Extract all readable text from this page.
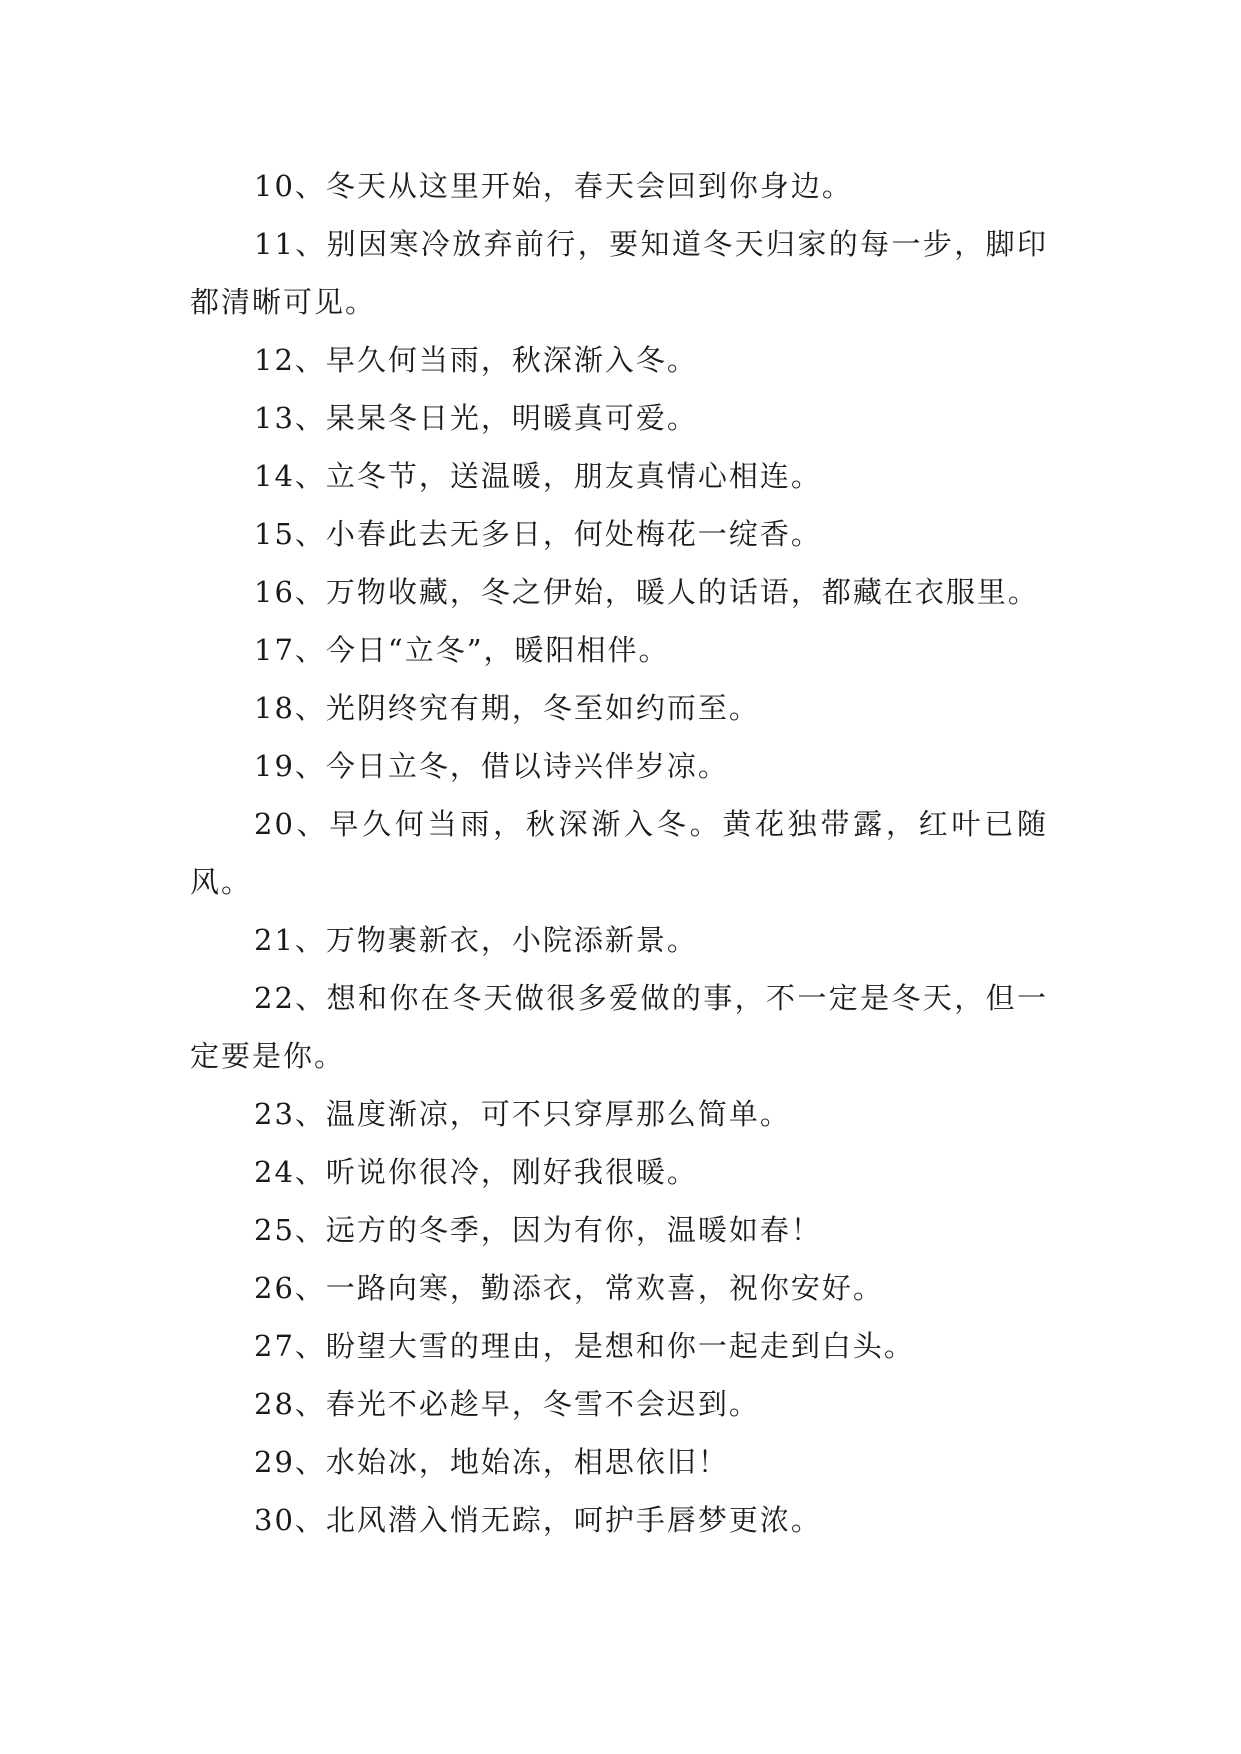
10、冬天从这里开始，春天会回到你身边。

11、别因寒冷放弃前行，要知道冬天归家的每一步，脚印都清晰可见。

12、早久何当雨，秋深渐入冬。

13、杲杲冬日光，明暖真可爱。

14、立冬节，送温暖，朋友真情心相连。

15、小春此去无多日，何处梅花一绽香。

16、万物收藏，冬之伊始，暖人的话语，都藏在衣服里。

17、今日“立冬”，暖阳相伴。

18、光阴终究有期，冬至如约而至。

19、今日立冬，借以诗兴伴岁凉。

20、早久何当雨，秋深渐入冬。黄花独带露，红叶已随风。

21、万物裹新衣，小院添新景。

22、想和你在冬天做很多爱做的事，不一定是冬天，但一定要是你。

23、温度渐凉，可不只穿厚那么简单。

24、听说你很冷，刚好我很暖。

25、远方的冬季，因为有你，温暖如春！

26、一路向寒，勤添衣，常欢喜，祝你安好。

27、盼望大雪的理由，是想和你一起走到白头。

28、春光不必趁早，冬雪不会迟到。

29、水始冰，地始冻，相思依旧！

30、北风潜入悄无踪，呵护手唇梦更浓。
